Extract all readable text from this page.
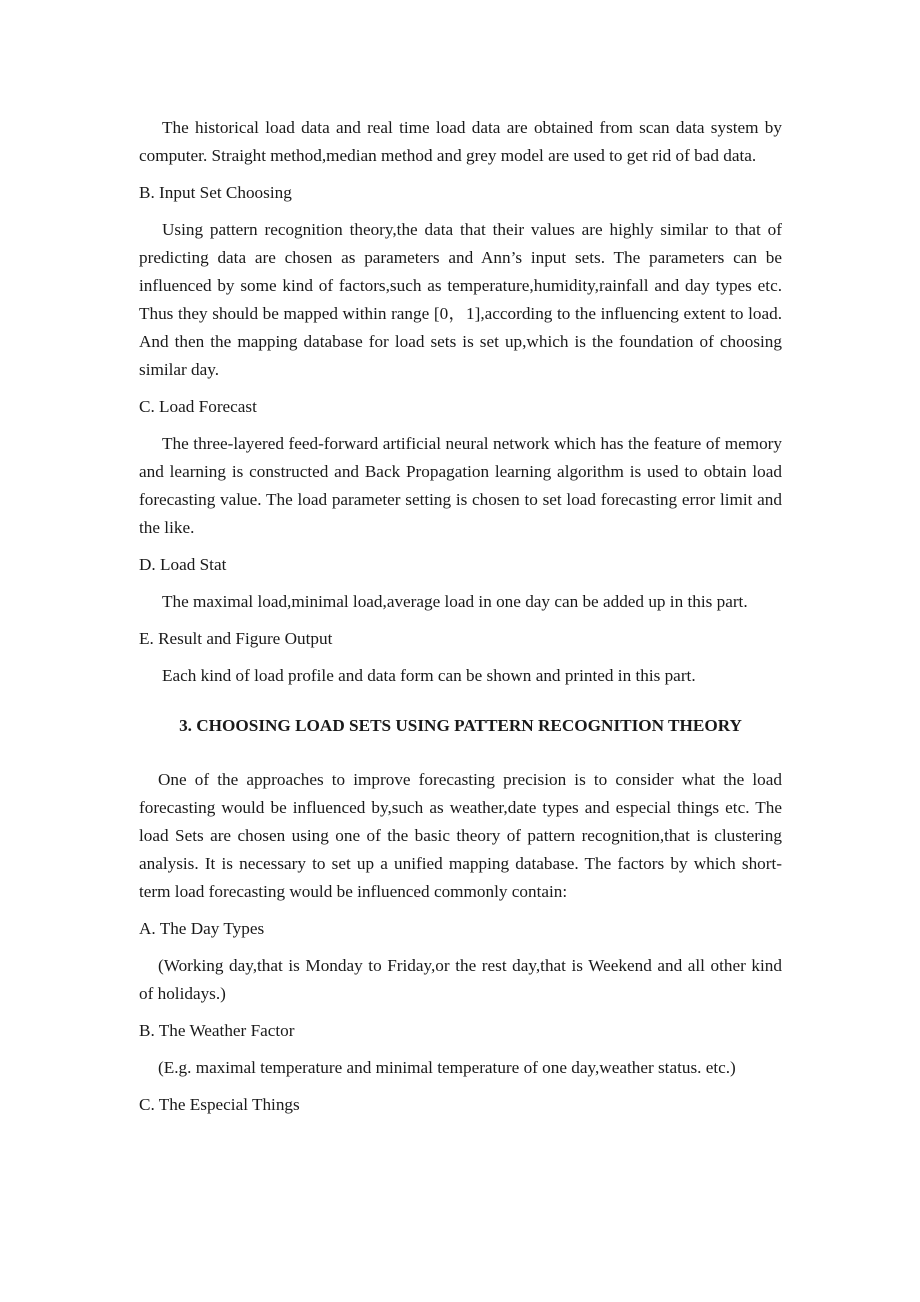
The historical load data and real time load data are obtained from scan data system by computer. Straight method,median method and grey model are used to get rid of bad data.

B. Input Set Choosing

Using pattern recognition theory,the data that their values are highly similar to that of predicting data are chosen as parameters and Ann’s input sets. The parameters can be influenced by some kind of factors,such as temperature,humidity,rainfall and day types etc. Thus they should be mapped within range [0，1],according to the influencing extent to load. And then the mapping database for load sets is set up,which is the foundation of choosing similar day.

C. Load Forecast

The three-layered feed-forward artificial neural network which has the feature of memory and learning is constructed and Back Propagation learning algorithm is used to obtain load forecasting value. The load parameter setting is chosen to set load forecasting error limit and the like.

D. Load Stat

The maximal load,minimal load,average load in one day can be added up in this part.

E. Result and Figure Output

Each kind of load profile and data form can be shown and printed in this part.

3. CHOOSING LOAD SETS USING PATTERN RECOGNITION THEORY

One of the approaches to improve forecasting precision is to consider what the load forecasting would be influenced by,such as weather,date types and especial things etc. The load Sets are chosen using one of the basic theory of pattern recognition,that is clustering analysis. It is necessary to set up a unified mapping database. The factors by which short-term load forecasting would be influenced commonly contain:

A. The Day Types

(Working day,that is Monday to Friday,or the rest day,that is Weekend and all other kind of holidays.)

B. The Weather Factor

(E.g. maximal temperature and minimal temperature of one day,weather status. etc.)

C. The Especial Things
